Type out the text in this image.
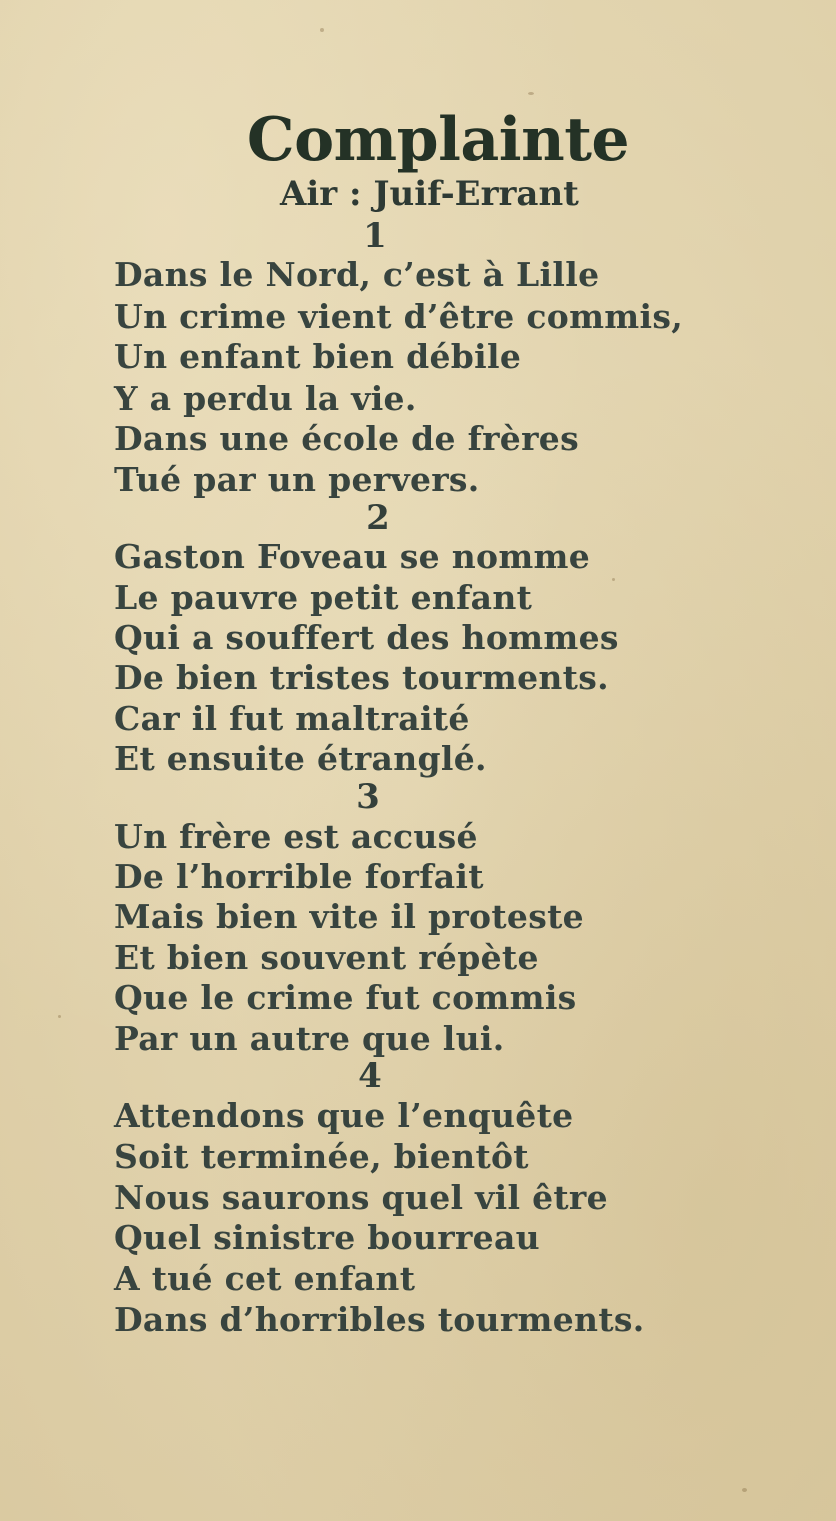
Complainte
Air : Juif-Errant
1
Dans le Nord, c’est à Lille
Un crime vient d’être commis,
Un enfant bien débile
Y a perdu la vie.
Dans une école de frères
Tué par un pervers.
2
Gaston Foveau se nomme
Le pauvre petit enfant
Qui a souffert des hommes
De bien tristes tourments.
Car il fut maltraité
Et ensuite étranglé.
3
Un frère est accusé
De l’horrible forfait
Mais bien vite il proteste
Et bien souvent répète
Que le crime fut commis
Par un autre que lui.
4
Attendons que l’enquête
Soit terminée, bientôt
Nous saurons quel vil être
Quel sinistre bourreau
A tué cet enfant
Dans d’horribles tourments.
